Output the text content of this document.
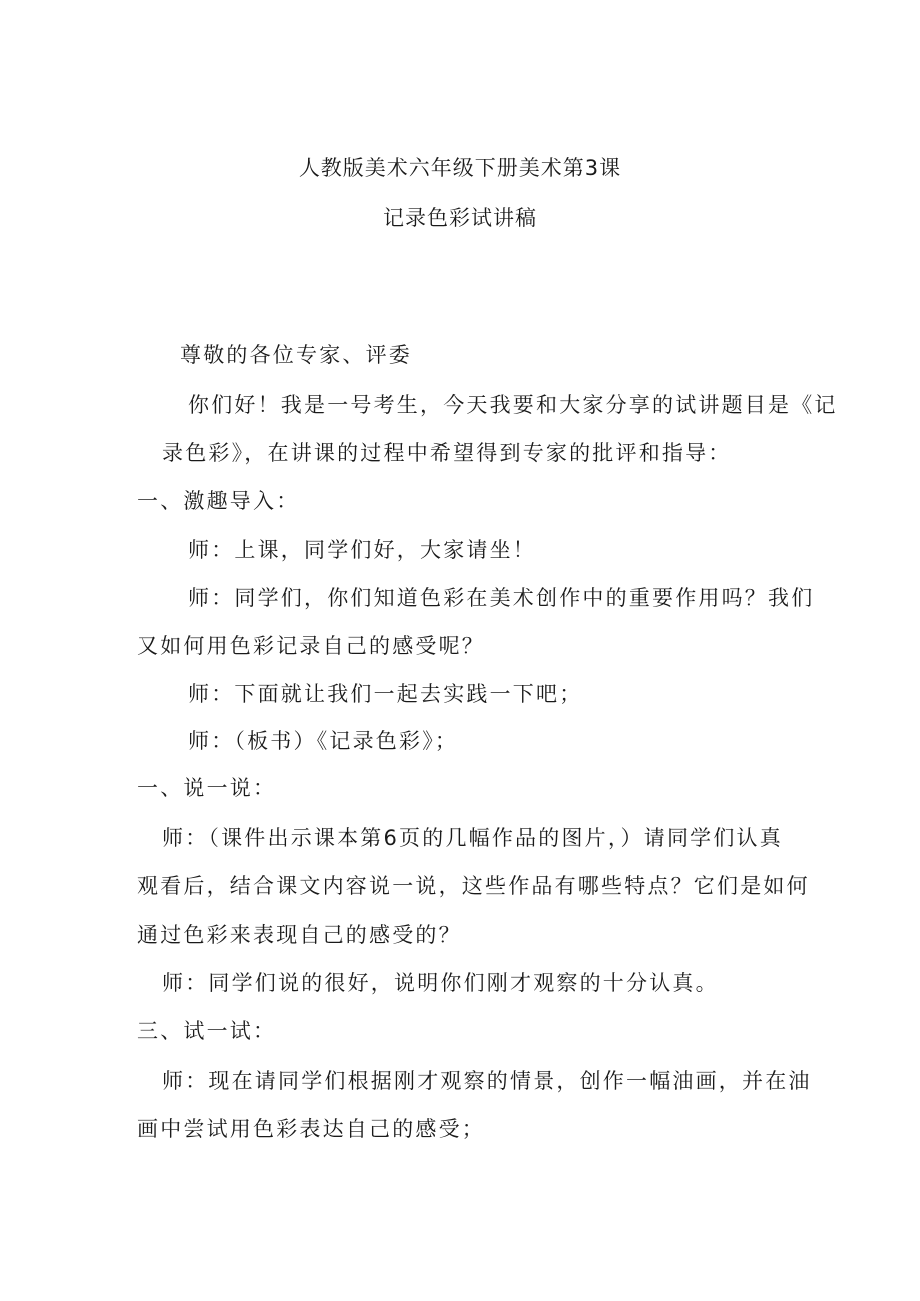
人教版美术六年级下册美术第3课
记录色彩试讲稿
尊敬的各位专家、评委
你们好！我是一号考生，今天我要和大家分享的试讲题目是《记
录色彩》，在讲课的过程中希望得到专家的批评和指导：
一、激趣导入：
师：上课，同学们好，大家请坐！
师：同学们，你们知道色彩在美术创作中的重要作用吗？我们
又如何用色彩记录自己的感受呢？
师：下面就让我们一起去实践一下吧；
师：（板书）《记录色彩》；
一、说一说：
师：（课件出示课本第6页的几幅作品的图片，）请同学们认真
观看后，结合课文内容说一说，这些作品有哪些特点？它们是如何
通过色彩来表现自己的感受的？
师：同学们说的很好，说明你们刚才观察的十分认真。
三、试一试：
师：现在请同学们根据刚才观察的情景，创作一幅油画，并在油
画中尝试用色彩表达自己的感受；
